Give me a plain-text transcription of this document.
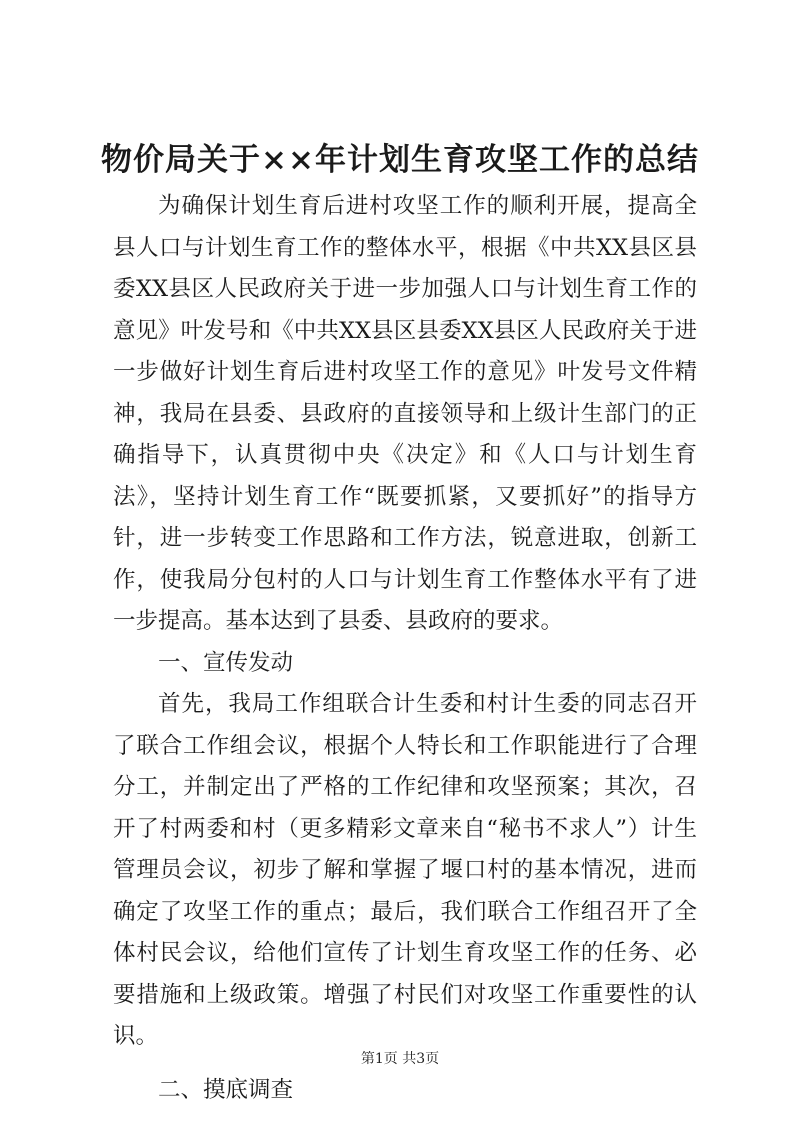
物价局关于××年计划生育攻坚工作的总结

为确保计划生育后进村攻坚工作的顺利开展，提高全县人口与计划生育工作的整体水平，根据《中共XX县区县委XX县区人民政府关于进一步加强人口与计划生育工作的意见》叶发号和《中共XX县区县委XX县区人民政府关于进一步做好计划生育后进村攻坚工作的意见》叶发号文件精神，我局在县委、县政府的直接领导和上级计生部门的正确指导下，认真贯彻中央《决定》和《人口与计划生育法》，坚持计划生育工作“既要抓紧，又要抓好”的指导方针，进一步转变工作思路和工作方法，锐意进取，创新工作，使我局分包村的人口与计划生育工作整体水平有了进一步提高。基本达到了县委、县政府的要求。

一、宣传发动

首先，我局工作组联合计生委和村计生委的同志召开了联合工作组会议，根据个人特长和工作职能进行了合理分工，并制定出了严格的工作纪律和攻坚预案；其次，召开了村两委和村（更多精彩文章来自“秘书不求人”）计生管理员会议，初步了解和掌握了堰口村的基本情况，进而确定了攻坚工作的重点；最后，我们联合工作组召开了全体村民会议，给他们宣传了计划生育攻坚工作的任务、必要措施和上级政策。增强了村民们对攻坚工作重要性的认识。

二、摸底调查

第1页 共3页
